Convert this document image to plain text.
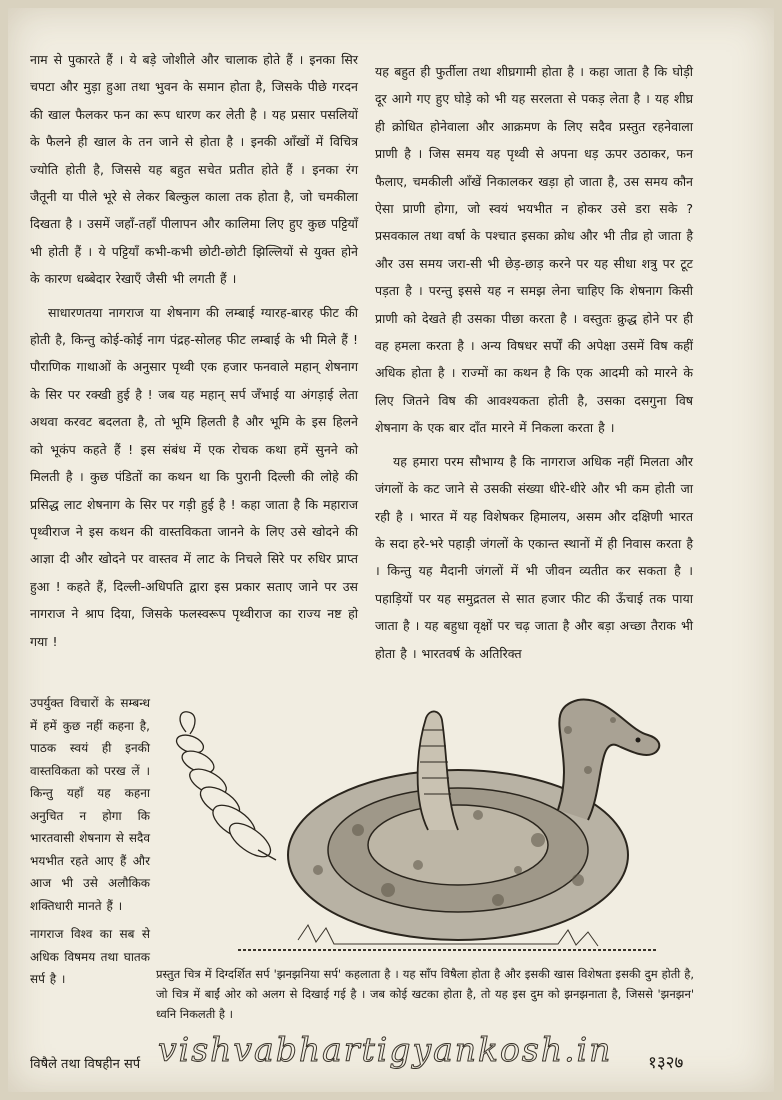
नाम से पुकारते हैं । ये बड़े जोशीले और चालाक होते हैं । इनका सिर चपटा और मुड़ा हुआ तथा भुवन के समान होता है, जिसके पीछे गरदन की खाल फैलकर फन का रूप धारण कर लेती है । यह प्रसार पसलियों के फैलने ही खाल के तन जाने से होता है । इनकी आँखों में विचित्र ज्योति होती है, जिससे यह बहुत सचेत प्रतीत होते हैं । इनका रंग जैतूनी या पीले भूरे से लेकर बिल्कुल काला तक होता है, जो चमकीला दिखता है । उसमें जहाँ-तहाँ पीलापन और कालिमा लिए हुए कुछ पट्टियाँ भी होती हैं । ये पट्टियाँ कभी-कभी छोटी-छोटी झिल्लियों से युक्त होने के कारण धब्बेदार रेखाएँ जैसी भी लगती हैं ।

साधारणतया नागराज या शेषनाग की लम्बाई ग्यारह-बारह फीट की होती है, किन्तु कोई-कोई नाग पंद्रह-सोलह फीट लम्बाई के भी मिले हैं ! पौराणिक गाथाओं के अनुसार पृथ्वी एक हजार फनवाले महान् शेषनाग के सिर पर रक्खी हुई है ! जब यह महान् सर्प जँभाई या अंगड़ाई लेता अथवा करवट बदलता है, तो भूमि हिलती है और भूमि के इस हिलने को भूकंप कहते हैं ! इस संबंध में एक रोचक कथा हमें सुनने को मिलती है । कुछ पंडितों का कथन था कि पुरानी दिल्ली की लोहे की प्रसिद्ध लाट शेषनाग के सिर पर गड़ी हुई है ! कहा जाता है कि महाराज पृथ्वीराज ने इस कथन की वास्तविकता जानने के लिए उसे खोदने की आज्ञा दी और खोदने पर वास्तव में लाट के निचले सिरे पर रुधिर प्राप्त हुआ ! कहते हैं, दिल्ली-अधिपति द्वारा इस प्रकार सताए जाने पर उस नागराज ने श्राप दिया, जिसके फलस्वरूप पृथ्वीराज का राज्य नष्ट हो गया !

यह बहुत ही फुर्तीला तथा शीघ्रगामी होता है । कहा जाता है कि घोड़ी दूर आगे गए हुए घोड़े को भी यह सरलता से पकड़ लेता है । यह शीघ्र ही क्रोधित होनेवाला और आक्रमण के लिए सदैव प्रस्तुत रहनेवाला प्राणी है । जिस समय यह पृथ्वी से अपना धड़ ऊपर उठाकर, फन फैलाए, चमकीली आँखें निकालकर खड़ा हो जाता है, उस समय कौन ऐसा प्राणी होगा, जो स्वयं भयभीत न होकर उसे डरा सके ? प्रसवकाल तथा वर्षा के पश्चात इसका क्रोध और भी तीव्र हो जाता है और उस समय जरा-सी भी छेड़-छाड़ करने पर यह सीधा शत्रु पर टूट पड़ता है । परन्तु इससे यह न समझ लेना चाहिए कि शेषनाग किसी प्राणी को देखते ही उसका पीछा करता है । वस्तुतः क्रुद्ध होने पर ही वह हमला करता है । अन्य विषधर सर्पों की अपेक्षा उसमें विष कहीं अधिक होता है । राज्मों का कथन है कि एक आदमी को मारने के लिए जितने विष की आवश्यकता होती है, उसका दसगुना विष शेषनाग के एक बार दाँत मारने में निकला करता है ।

यह हमारा परम सौभाग्य है कि नागराज अधिक नहीं मिलता और जंगलों के कट जाने से उसकी संख्या धीरे-धीरे और भी कम होती जा रही है । भारत में यह विशेषकर हिमालय, असम और दक्षिणी भारत के सदा हरे-भरे पहाड़ी जंगलों के एकान्त स्थानों में ही निवास करता है । किन्तु यह मैदानी जंगलों में भी जीवन व्यतीत कर सकता है । पहाड़ियों पर यह समुद्रतल से सात हजार फीट की ऊँचाई तक पाया जाता है । यह बहुधा वृक्षों पर चढ़ जाता है और बड़ा अच्छा तैराक भी होता है । भारतवर्ष के अतिरिक्त

उपर्युक्त विचारों के सम्बन्ध में हमें कुछ नहीं कहना है, पाठक स्वयं ही इनकी वास्तविकता को परख लें । किन्तु यहाँ यह कहना अनुचित न होगा कि भारतवासी शेषनाग से सदैव भयभीत रहते आए हैं और आज भी उसे अलौकिक शक्तिधारी मानते हैं ।

नागराज विश्व का सब से अधिक विषमय तथा घातक सर्प है ।	प्रस्तुत चित्र में दिग्दर्शित सर्प 'झनझनिया सर्प' कहलाता है । यह साँप विषैला होता है और इसकी खास विशेषता इसकी दुम होती है, जो चित्र में बाईं ओर को अलग से दिखाई गई है । जब कोई खटका होता है, तो यह इस दुम को झनझनाता है, जिससे 'झनझन' ध्वनि निकलती है ।
विषैले तथा विषहीन सर्प vishvabhartigyankosh.in १३२७
